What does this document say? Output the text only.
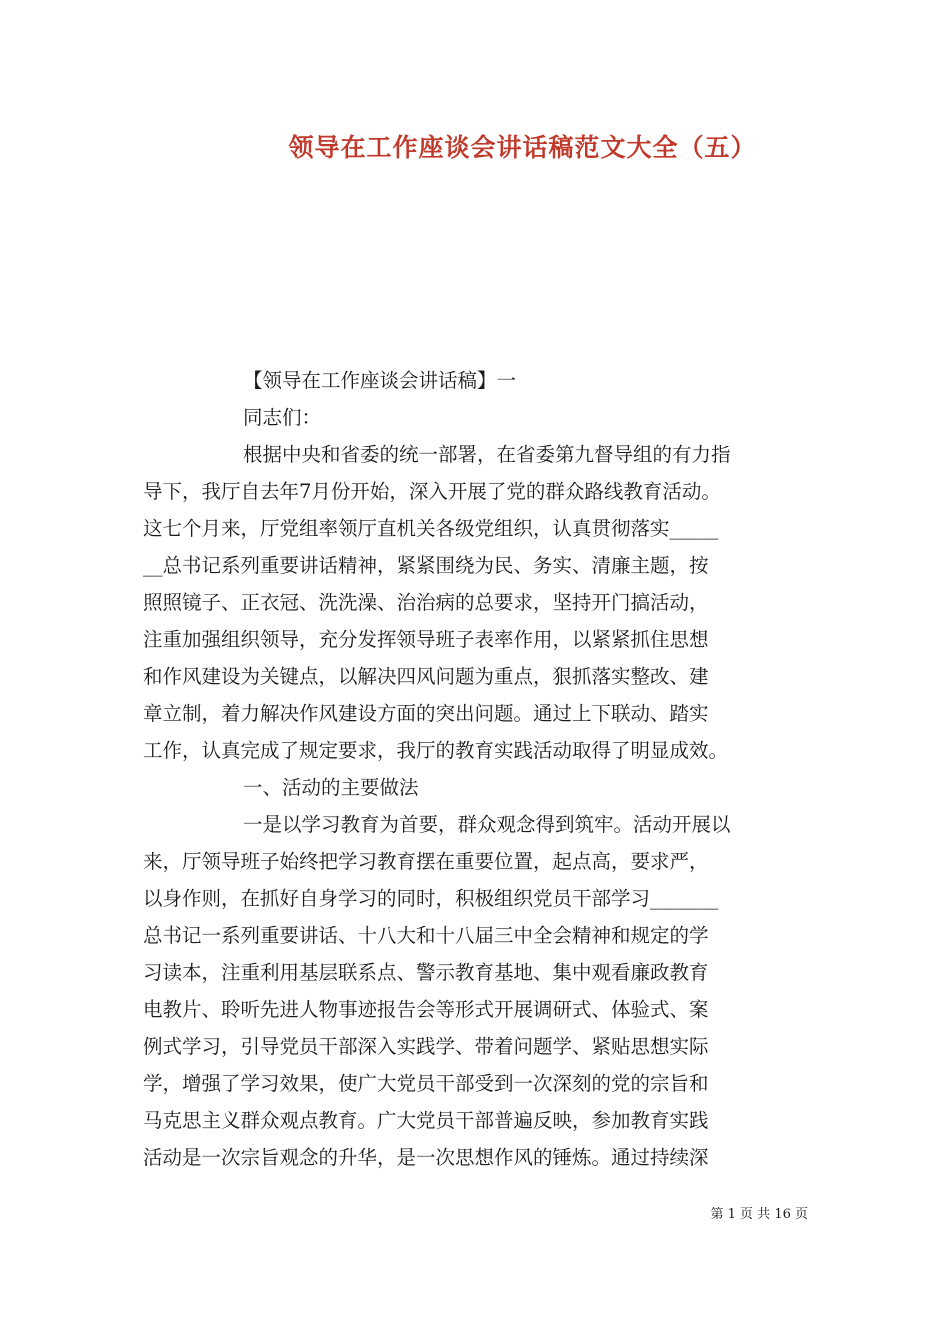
领导在工作座谈会讲话稿范文大全（五）
【领导在工作座谈会讲话稿】一
同志们：
根据中央和省委的统一部署，在省委第九督导组的有力指
导下，我厅自去年7月份开始，深入开展了党的群众路线教育活动。
这七个月来，厅党组率领厅直机关各级党组织，认真贯彻落实_____
__总书记系列重要讲话精神，紧紧围绕为民、务实、清廉主题，按
照照镜子、正衣冠、洗洗澡、治治病的总要求，坚持开门搞活动，
注重加强组织领导，充分发挥领导班子表率作用，以紧紧抓住思想
和作风建设为关键点，以解决四风问题为重点，狠抓落实整改、建
章立制，着力解决作风建设方面的突出问题。通过上下联动、踏实
工作，认真完成了规定要求，我厅的教育实践活动取得了明显成效。
一、活动的主要做法
一是以学习教育为首要，群众观念得到筑牢。活动开展以
来，厅领导班子始终把学习教育摆在重要位置，起点高，要求严，
以身作则，在抓好自身学习的同时，积极组织党员干部学习_______
总书记一系列重要讲话、十八大和十八届三中全会精神和规定的学
习读本，注重利用基层联系点、警示教育基地、集中观看廉政教育
电教片、聆听先进人物事迹报告会等形式开展调研式、体验式、案
例式学习，引导党员干部深入实践学、带着问题学、紧贴思想实际
学，增强了学习效果，使广大党员干部受到一次深刻的党的宗旨和
马克思主义群众观点教育。广大党员干部普遍反映，参加教育实践
活动是一次宗旨观念的升华，是一次思想作风的锤炼。通过持续深
第 1 页 共 16 页
